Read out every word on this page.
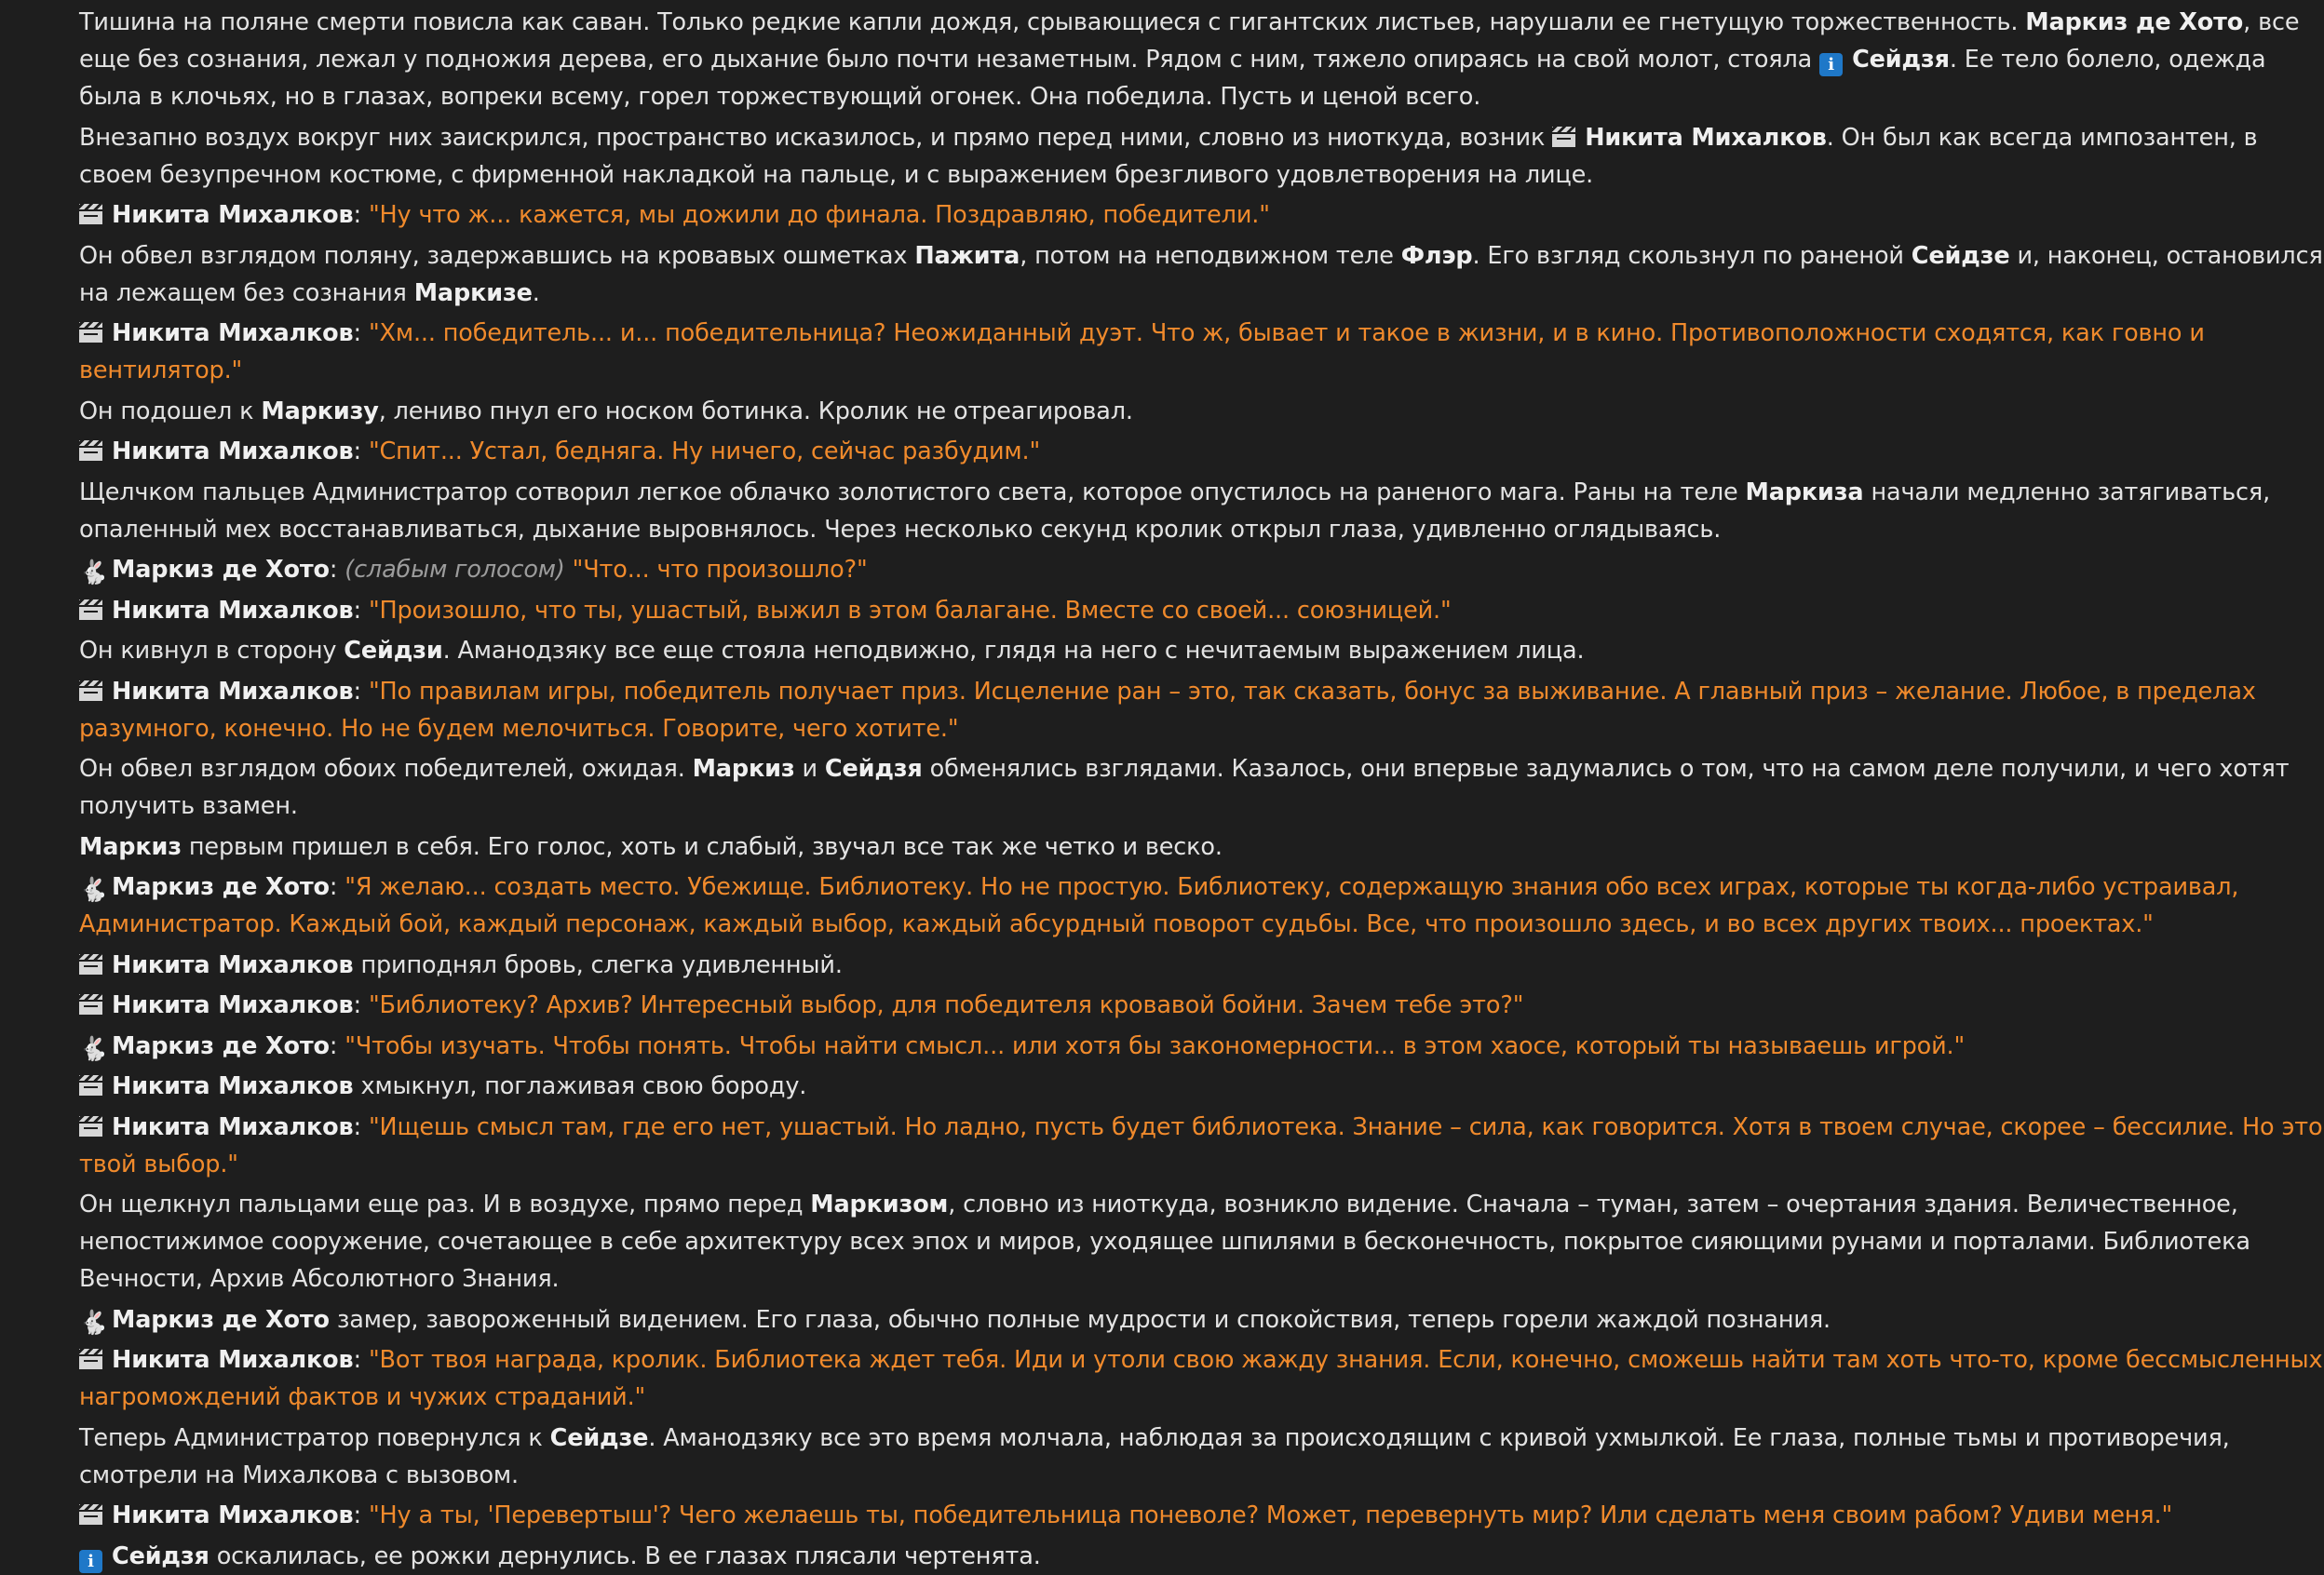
Тишина на поляне смерти повисла как саван. Только редкие капли дождя, срывающиеся с гигантских листьев, нарушали ее гнетущую торжественность. Маркиз де Хото, все еще без сознания, лежал у подножия дерева, его дыхание было почти незаметным. Рядом с ним, тяжело опираясь на свой молот, стояла i Сейдзя. Ее тело болело, одежда была в клочьях, но в глазах, вопреки всему, горел торжествующий огонек. Она победила. Пусть и ценой всего.
Внезапно воздух вокруг них заискрился, пространство исказилось, и прямо перед ними, словно из ниоткуда, возник Никита Михалков. Он был как всегда импозантен, в своем безупречном костюме, с фирменной накладкой на пальце, и с выражением брезгливого удовлетворения на лице.
Никита Михалков: "Ну что ж... кажется, мы дожили до финала. Поздравляю, победители."
Он обвел взглядом поляну, задержавшись на кровавых ошметках Пажита, потом на неподвижном теле Флэр. Его взгляд скользнул по раненой Сейдзе и, наконец, остановился на лежащем без сознания Маркизе.
Никита Михалков: "Хм... победитель... и... победительница? Неожиданный дуэт. Что ж, бывает и такое в жизни, и в кино. Противоположности сходятся, как говно и вентилятор."
Он подошел к Маркизу, лениво пнул его носком ботинка. Кролик не отреагировал.
Никита Михалков: "Спит... Устал, бедняга. Ну ничего, сейчас разбудим."
Щелчком пальцев Администратор сотворил легкое облачко золотистого света, которое опустилось на раненого мага. Раны на теле Маркиза начали медленно затягиваться, опаленный мех восстанавливаться, дыхание выровнялось. Через несколько секунд кролик открыл глаза, удивленно оглядываясь.
🐇 Маркиз де Хото: (слабым голосом) "Что... что произошло?"
Никита Михалков: "Произошло, что ты, ушастый, выжил в этом балагане. Вместе со своей... союзницей."
Он кивнул в сторону Сейдзи. Аманодзяку все еще стояла неподвижно, глядя на него с нечитаемым выражением лица.
Никита Михалков: "По правилам игры, победитель получает приз. Исцеление ран – это, так сказать, бонус за выживание. А главный приз – желание. Любое, в пределах разумного, конечно. Но не будем мелочиться. Говорите, чего хотите."
Он обвел взглядом обоих победителей, ожидая. Маркиз и Сейдзя обменялись взглядами. Казалось, они впервые задумались о том, что на самом деле получили, и чего хотят получить взамен.
Маркиз первым пришел в себя. Его голос, хоть и слабый, звучал все так же четко и веско.
🐇 Маркиз де Хото: "Я желаю... создать место. Убежище. Библиотеку. Но не простую. Библиотеку, содержащую знания обо всех играх, которые ты когда-либо устраивал, Администратор. Каждый бой, каждый персонаж, каждый выбор, каждый абсурдный поворот судьбы. Все, что произошло здесь, и во всех других твоих... проектах."
Никита Михалков приподнял бровь, слегка удивленный.
Никита Михалков: "Библиотеку? Архив? Интересный выбор, для победителя кровавой бойни. Зачем тебе это?"
🐇 Маркиз де Хото: "Чтобы изучать. Чтобы понять. Чтобы найти смысл... или хотя бы закономерности... в этом хаосе, который ты называешь игрой."
Никита Михалков хмыкнул, поглаживая свою бороду.
Никита Михалков: "Ищешь смысл там, где его нет, ушастый. Но ладно, пусть будет библиотека. Знание – сила, как говорится. Хотя в твоем случае, скорее – бессилие. Но это твой выбор."
Он щелкнул пальцами еще раз. И в воздухе, прямо перед Маркизом, словно из ниоткуда, возникло видение. Сначала – туман, затем – очертания здания. Величественное, непостижимое сооружение, сочетающее в себе архитектуру всех эпох и миров, уходящее шпилями в бесконечность, покрытое сияющими рунами и порталами. Библиотека Вечности, Архив Абсолютного Знания.
🐇 Маркиз де Хото замер, завороженный видением. Его глаза, обычно полные мудрости и спокойствия, теперь горели жаждой познания.
Никита Михалков: "Вот твоя награда, кролик. Библиотека ждет тебя. Иди и утоли свою жажду знания. Если, конечно, сможешь найти там хоть что-то, кроме бессмысленных нагромождений фактов и чужих страданий."
Теперь Администратор повернулся к Сейдзе. Аманодзяку все это время молчала, наблюдая за происходящим с кривой ухмылкой. Ее глаза, полные тьмы и противоречия, смотрели на Михалкова с вызовом.
Никита Михалков: "Ну а ты, 'Перевертыш'? Чего желаешь ты, победительница поневоле? Может, перевернуть мир? Или сделать меня своим рабом? Удиви меня."
i Сейдзя оскалилась, ее рожки дернулись. В ее глазах плясали чертенята.
